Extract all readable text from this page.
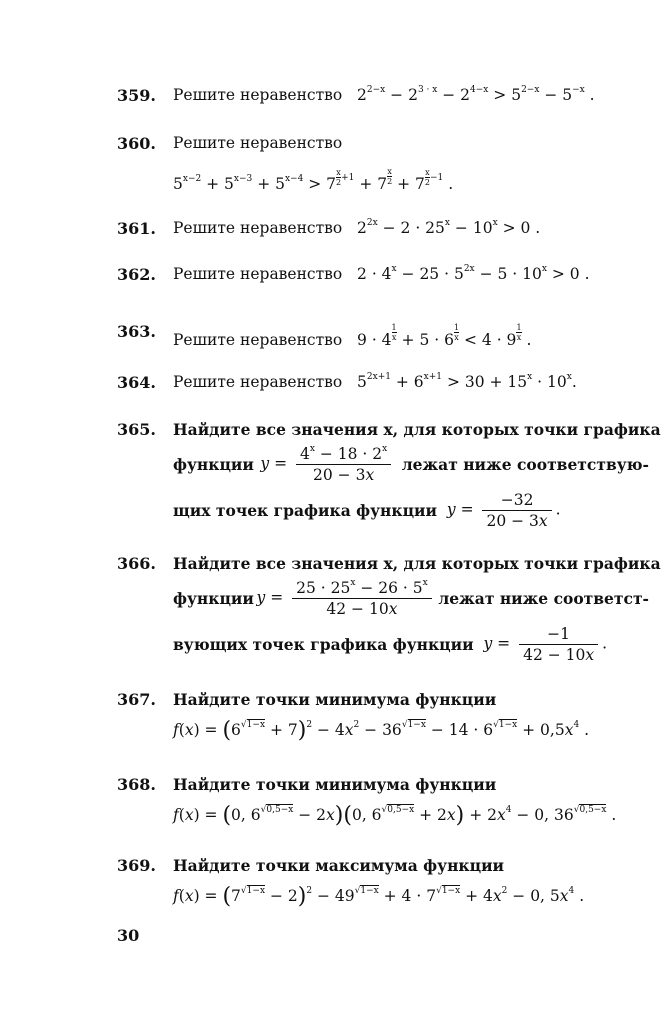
359. Решите неравенство   $2^{2-x} - 2^{3 \cdot x} - 2^{4-x} > 5^{2-x} - 5^{-x}$ .
360. Решите неравенство
$5^{x-2} + 5^{x-3} + 5^{x-4} > 7$ $^{\frac{x}{2} +1} + 7 \frac{x}{2} + 7$ $^{\frac{x}{2} -1}$ .
361. Решите неравенство   $2^{2x} - 2 \cdot 25^x - 10^x > 0$ .
362. Решите неравенство   $2 \cdot 4^x - 25 \cdot 5^{2x} - 5 \cdot 10^x > 0$ .
363. Решите неравенство   $9 \cdot 4 \frac{1}{x} + 5 \cdot 6 \frac{1}{x} < 4 \cdot 9 \frac{1}{x}$ .
364. Решите неравенство   $5^{2x+1} + 6^{x+1} > 30 + 15^x \cdot 10^x$.
365. Найдите все значения x, для которых точки графика
функции $y = \frac{4^x - 18 \cdot 2^x}{20 - 3x}$ лежат ниже соответствую-
щих точек графика функции $y = \frac{-32}{20 - 3x}$ .
366. Найдите все значения x, для которых точки графика
функции $y = \frac{25 \cdot 25^x - 26 \cdot 5^x}{42 - 10x}$ лежат ниже соответст-
вующих точек графика функции $y = \frac{-1}{42 - 10x}$ .
367. Найдите точки минимума функции
$f(x) = (6^{√1-x} + 7)^2 - 4x^2 - 36^{√1-x} - 14 \cdot 6^{√1-x} + 0,5x^4$ .
368. Найдите точки минимума функции
f(x) = (0, $6^{√0,5-x} - 2x)(0$, $6^{√0,5-x} + 2x) + 2x^4 - 0$, $36^{√0,5-x}$ .
369. Найдите точки максимума функции
$f(x) = (7^{√1-x} - 2)^2 - 49^{√1-x} + 4 \cdot 7^{√1-x} + 4x^2 - 0$, $5x^4$ .
30
